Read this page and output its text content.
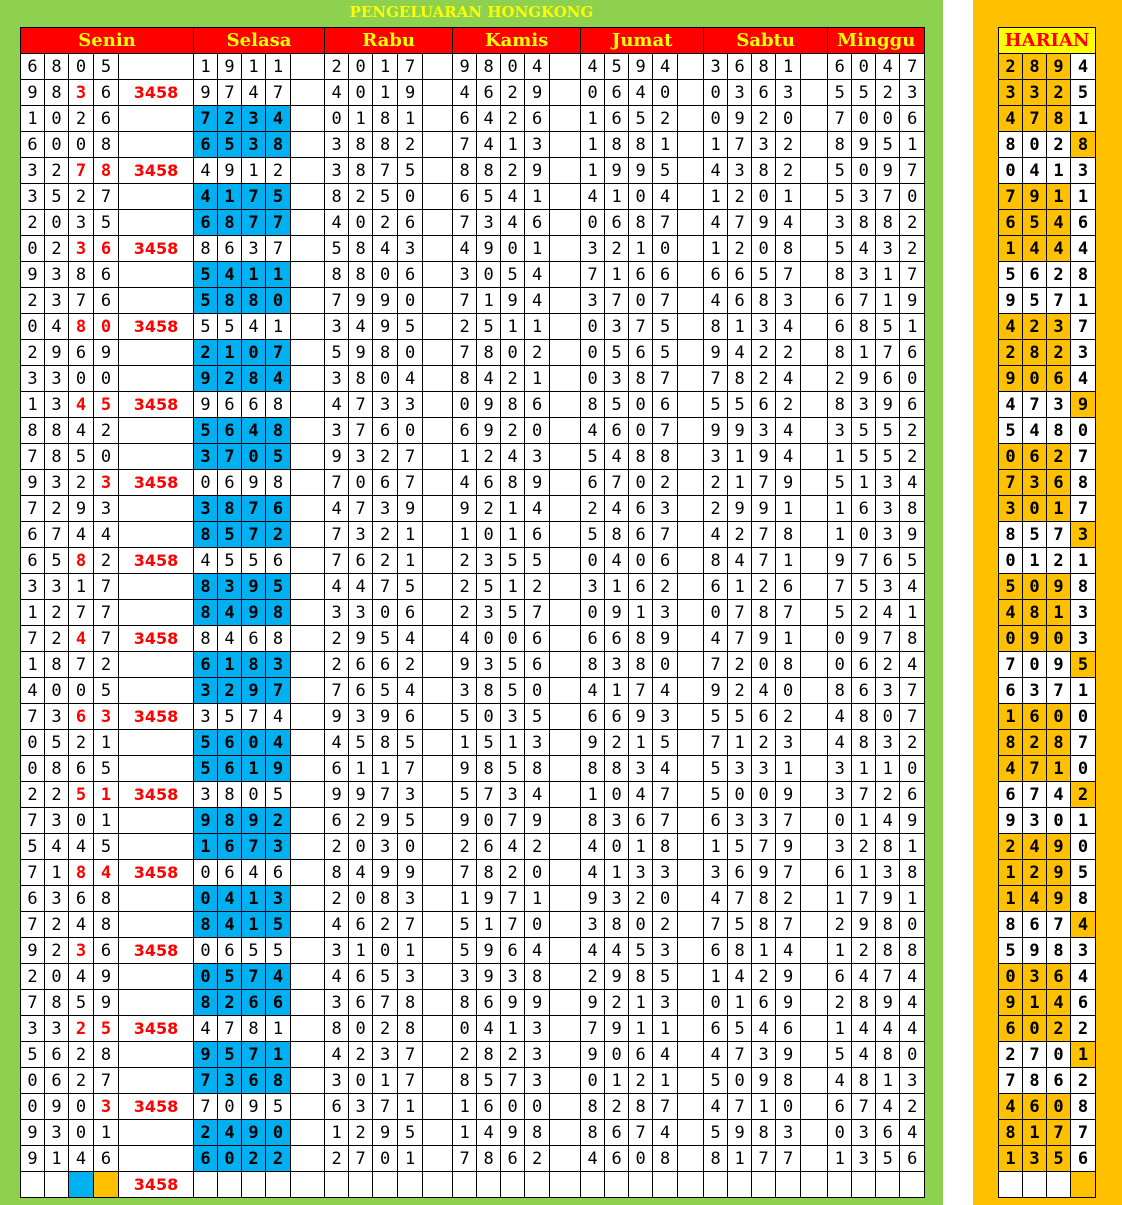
PENGELUARAN HONGKONG
Senin					Selasa					Rabu					Kamis					Jumat					Sabtu					Minggu			
6	8	0	5		1	9	1	1		2	0	1	7		9	8	0	4		4	5	9	4		3	6	8	1		6	0	4	7
9	8	3	6	3458	9	7	4	7		4	0	1	9		4	6	2	9		0	6	4	0		0	3	6	3		5	5	2	3
1	0	2	6		7	2	3	4		0	1	8	1		6	4	2	6		1	6	5	2		0	9	2	0		7	0	0	6
6	0	0	8		6	5	3	8		3	8	8	2		7	4	1	3		1	8	8	1		1	7	3	2		8	9	5	1
3	2	7	8	3458	4	9	1	2		3	8	7	5		8	8	2	9		1	9	9	5		4	3	8	2		5	0	9	7
3	5	2	7		4	1	7	5		8	2	5	0		6	5	4	1		4	1	0	4		1	2	0	1		5	3	7	0
2	0	3	5		6	8	7	7		4	0	2	6		7	3	4	6		0	6	8	7		4	7	9	4		3	8	8	2
0	2	3	6	3458	8	6	3	7		5	8	4	3		4	9	0	1		3	2	1	0		1	2	0	8		5	4	3	2
9	3	8	6		5	4	1	1		8	8	0	6		3	0	5	4		7	1	6	6		6	6	5	7		8	3	1	7
2	3	7	6		5	8	8	0		7	9	9	0		7	1	9	4		3	7	0	7		4	6	8	3		6	7	1	9
0	4	8	0	3458	5	5	4	1		3	4	9	5		2	5	1	1		0	3	7	5		8	1	3	4		6	8	5	1
2	9	6	9		2	1	0	7		5	9	8	0		7	8	0	2		0	5	6	5		9	4	2	2		8	1	7	6
3	3	0	0		9	2	8	4		3	8	0	4		8	4	2	1		0	3	8	7		7	8	2	4		2	9	6	0
1	3	4	5	3458	9	6	6	8		4	7	3	3		0	9	8	6		8	5	0	6		5	5	6	2		8	3	9	6
8	8	4	2		5	6	4	8		3	7	6	0		6	9	2	0		4	6	0	7		9	9	3	4		3	5	5	2
7	8	5	0		3	7	0	5		9	3	2	7		1	2	4	3		5	4	8	8		3	1	9	4		1	5	5	2
9	3	2	3	3458	0	6	9	8		7	0	6	7		4	6	8	9		6	7	0	2		2	1	7	9		5	1	3	4
7	2	9	3		3	8	7	6		4	7	3	9		9	2	1	4		2	4	6	3		2	9	9	1		1	6	3	8
6	7	4	4		8	5	7	2		7	3	2	1		1	0	1	6		5	8	6	7		4	2	7	8		1	0	3	9
6	5	8	2	3458	4	5	5	6		7	6	2	1		2	3	5	5		0	4	0	6		8	4	7	1		9	7	6	5
3	3	1	7		8	3	9	5		4	4	7	5		2	5	1	2		3	1	6	2		6	1	2	6		7	5	3	4
1	2	7	7		8	4	9	8		3	3	0	6		2	3	5	7		0	9	1	3		0	7	8	7		5	2	4	1
7	2	4	7	3458	8	4	6	8		2	9	5	4		4	0	0	6		6	6	8	9		4	7	9	1		0	9	7	8
1	8	7	2		6	1	8	3		2	6	6	2		9	3	5	6		8	3	8	0		7	2	0	8		0	6	2	4
4	0	0	5		3	2	9	7		7	6	5	4		3	8	5	0		4	1	7	4		9	2	4	0		8	6	3	7
7	3	6	3	3458	3	5	7	4		9	3	9	6		5	0	3	5		6	6	9	3		5	5	6	2		4	8	0	7
0	5	2	1		5	6	0	4		4	5	8	5		1	5	1	3		9	2	1	5		7	1	2	3		4	8	3	2
0	8	6	5		5	6	1	9		6	1	1	7		9	8	5	8		8	8	3	4		5	3	3	1		3	1	1	0
2	2	5	1	3458	3	8	0	5		9	9	7	3		5	7	3	4		1	0	4	7		5	0	0	9		3	7	2	6
7	3	0	1		9	8	9	2		6	2	9	5		9	0	7	9		8	3	6	7		6	3	3	7		0	1	4	9
5	4	4	5		1	6	7	3		2	0	3	0		2	6	4	2		4	0	1	8		1	5	7	9		3	2	8	1
7	1	8	4	3458	0	6	4	6		8	4	9	9		7	8	2	0		4	1	3	3		3	6	9	7		6	1	3	8
6	3	6	8		0	4	1	3		2	0	8	3		1	9	7	1		9	3	2	0		4	7	8	2		1	7	9	1
7	2	4	8		8	4	1	5		4	6	2	7		5	1	7	0		3	8	0	2		7	5	8	7		2	9	8	0
9	2	3	6	3458	0	6	5	5		3	1	0	1		5	9	6	4		4	4	5	3		6	8	1	4		1	2	8	8
2	0	4	9		0	5	7	4		4	6	5	3		3	9	3	8		2	9	8	5		1	4	2	9		6	4	7	4
7	8	5	9		8	2	6	6		3	6	7	8		8	6	9	9		9	2	1	3		0	1	6	9		2	8	9	4
3	3	2	5	3458	4	7	8	1		8	0	2	8		0	4	1	3		7	9	1	1		6	5	4	6		1	4	4	4
5	6	2	8		9	5	7	1		4	2	3	7		2	8	2	3		9	0	6	4		4	7	3	9		5	4	8	0
0	6	2	7		7	3	6	8		3	0	1	7		8	5	7	3		0	1	2	1		5	0	9	8		4	8	1	3
0	9	0	3	3458	7	0	9	5		6	3	7	1		1	6	0	0		8	2	8	7		4	7	1	0		6	7	4	2
9	3	0	1		2	4	9	0		1	2	9	5		1	4	9	8		8	6	7	4		5	9	8	3		0	3	6	4
9	1	4	6		6	0	2	2		2	7	0	1		7	8	6	2		4	6	0	8		8	1	7	7		1	3	5	6
				3458																													
HARIAN			
2	8	9	4
3	3	2	5
4	7	8	1
8	0	2	8
0	4	1	3
7	9	1	1
6	5	4	6
1	4	4	4
5	6	2	8
9	5	7	1
4	2	3	7
2	8	2	3
9	0	6	4
4	7	3	9
5	4	8	0
0	6	2	7
7	3	6	8
3	0	1	7
8	5	7	3
0	1	2	1
5	0	9	8
4	8	1	3
0	9	0	3
7	0	9	5
6	3	7	1
1	6	0	0
8	2	8	7
4	7	1	0
6	7	4	2
9	3	0	1
2	4	9	0
1	2	9	5
1	4	9	8
8	6	7	4
5	9	8	3
0	3	6	4
9	1	4	6
6	0	2	2
2	7	0	1
7	8	6	2
4	6	0	8
8	1	7	7
1	3	5	6
